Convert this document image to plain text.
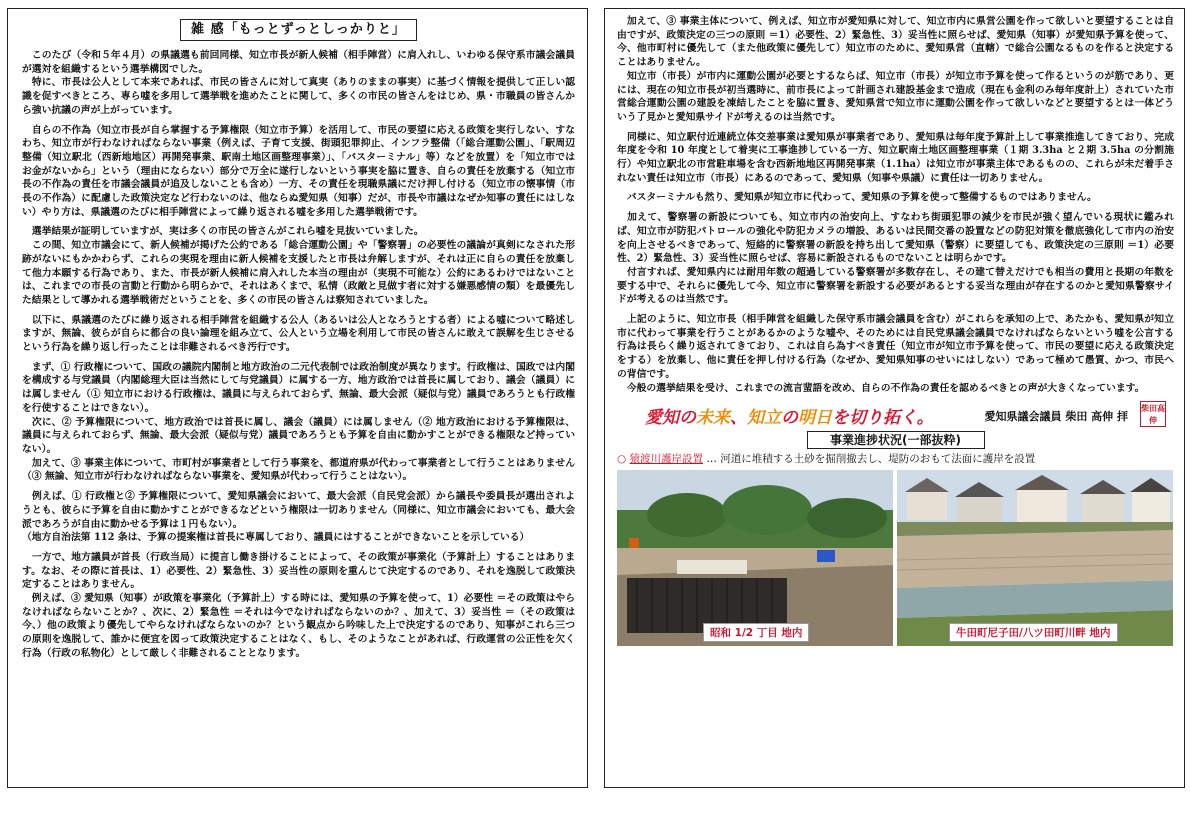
雑 感「もっとずっとしっかりと」

　このたび（令和５年４月）の県議選も前回同様、知立市長が新人候補（相手陣営）に肩入れし、いわゆる保守系市議会議員が選対を組織するという選挙構図でした。

　特に、市長は公人として本来であれば、市民の皆さんに対して真実（ありのままの事実）に基づく情報を提供して正しい認識を促すべきところ、専ら嘘を多用して選挙戦を進めたことに関して、多くの市民の皆さんをはじめ、県・市職員の皆さんから強い抗議の声が上がっています。

　自らの不作為（知立市長が自ら掌握する予算権限（知立市予算）を活用して、市民の要望に応える政策を実行しない、すなわち、知立市が行わなければならない事業（例えば、子育て支援、街頭犯罪抑止、インフラ整備（「総合運動公園」、「駅周辺整備（知立駅北（西新地地区）再開発事業、駅南土地区画整理事業）」、「バスターミナル」等）などを放置）を「知立市ではお金がないから」という（理由にならない）部分で万全に遂行しないという事実を脇に置き、自らの責任を放棄する（知立市長の不作為の責任を市議会議員が追及しないことも含め）一方、その責任を現職県議にだけ押し付ける（知立市の懐事情（市長の不作為）に配慮した政策決定など行わないのは、他ならぬ愛知県（知事）だが、市長や市議はなぜか知事の責任にはしない）やり方は、県議選のたびに相手陣営によって繰り返される嘘を多用した選挙戦術です。

　選挙結果が証明していますが、実は多くの市民の皆さんがこれら嘘を見抜いていました。

　この間、知立市議会にて、新人候補が掲げた公約である「総合運動公園」や「警察署」の必要性の議論が真剣になされた形跡がないにもかかわらず、これらの実現を理由に新人候補を支援したと市長は弁解しますが、それは正に自らの責任を放棄して他力本願する行為であり、また、市長が新人候補に肩入れした本当の理由が（実現不可能な）公約にあるわけではないことは、これまでの市長の言動と行動から明らかで、それはあくまで、私情（政敵と見做す者に対する嫌悪感情の類）を最優先した結果として導かれる選挙戦術だということを、多くの市民の皆さんは察知されていました。

　以下に、県議選のたびに繰り返される相手陣営を組織する公人（あるいは公人となろうとする者）による嘘について略述しますが、無論、彼らが自らに都合の良い論理を組み立て、公人という立場を利用して市民の皆さんに敢えて誤解を生じさせるという行為を繰り返し行ったことは非難されるべき汚行です。

　まず、① 行政権について、国政の議院内閣制と地方政治の二元代表制では政治制度が異なります。行政権は、国政では内閣を構成する与党議員（内閣総理大臣は当然にして与党議員）に属する一方、地方政治では首長に属しており、議会（議員）には属しません（① 知立市における行政権は、議員に与えられておらず、無論、最大会派（疑似与党）議員であろうとも行政権を行使することはできない）。

　次に、② 予算権限について、地方政治では首長に属し、議会（議員）には属しません（② 地方政治における予算権限は、議員に与えられておらず、無論、最大会派（疑似与党）議員であろうとも予算を自由に動かすことができる権限など持っていない）。

　加えて、③ 事業主体について、市町村が事業者として行う事業を、都道府県が代わって事業者として行うことはありません（③ 無論、知立市が行わなければならない事業を、愛知県が代わって行うことはない）。

　例えば、① 行政権と② 予算権限について、愛知県議会において、最大会派（自民党会派）から議長や委員長が選出されようとも、彼らに予算を自由に動かすことができるなどという権限は一切ありません（同様に、知立市議会においても、最大会派であろうが自由に動かせる予算は１円もない）。

（地方自治法第 112 条は、予算の提案権は首長に専属しており、議員にはすることができないことを示している）

　一方で、地方議員が首長（行政当局）に提言し働き掛けることによって、その政策が事業化（予算計上）することはあります。なお、その際に首長は、1）必要性、2）緊急性、3）妥当性の原則を重んじて決定するのであり、それを逸脱して政策決定することはありません。

　例えば、③ 愛知県（知事）が政策を事業化（予算計上）する時には、愛知県の予算を使って、1）必要性 ＝その政策はやらなければならないことか？、次に、2）緊急性 ＝それは今でなければならないのか？、加えて、3）妥当性 ＝（その政策は今、）他の政策より優先してやらなければならないのか？という観点から吟味した上で決定するのであり、知事がこれら三つの原則を逸脱して、誰かに便宜を図って政策決定することはなく、もし、そのようなことがあれば、行政運営の公正性を欠く行為（行政の私物化）として厳しく非難されることとなります。

　加えて、③ 事業主体について、例えば、知立市が愛知県に対して、知立市内に県営公園を作って欲しいと要望することは自由ですが、政策決定の三つの原則 ＝1）必要性、2）緊急性、3）妥当性に照らせば、愛知県（知事）が愛知県予算を使って、今、他市町村に優先して（また他政策に優先して）知立市のために、愛知県営（直轄）で総合公園なるものを作ると決定することはありません。

　知立市（市長）が市内に運動公園が必要とするならば、知立市（市長）が知立市予算を使って作るというのが筋であり、更には、現在の知立市長が初当選時に、前市長によって計画され建設基金まで造成（現在も金利のみ毎年度計上）されていた市営総合運動公園の建設を凍結したことを脇に置き、愛知県営で知立市に運動公園を作って欲しいなどと要望するとは一体どういう了見かと愛知県サイドが考えるのは当然です。

　同様に、知立駅付近連続立体交差事業は愛知県が事業者であり、愛知県は毎年度予算計上して事業推進してきており、完成年度を令和 10 年度として着実に工事進捗している一方、知立駅南土地区画整理事業（１期 3.3ha と２期 3.5ha の分割施行）や知立駅北の市営駐車場を含む西新地地区再開発事業（1.1ha）は知立市が事業主体であるものの、これらが未だ着手されない責任は知立市（市長）にあるのであって、愛知県（知事や県議）に責任は一切ありません。

　バスターミナルも然り、愛知県が知立市に代わって、愛知県の予算を使って整備するものではありません。

　加えて、警察署の新設についても、知立市内の治安向上、すなわち街頭犯罪の減少を市民が強く望んでいる現状に鑑みれば、知立市が防犯パトロールの強化や防犯カメラの増設、あるいは民間交番の設置などの防犯対策を徹底強化して市内の治安を向上させるべきであって、短絡的に警察署の新設を持ち出して愛知県（警察）に要望しても、政策決定の三原則 ＝1）必要性、2）緊急性、3）妥当性に照らせば、容易に新設されるものでないことは明らかです。

　付言すれば、愛知県内には耐用年数の超過している警察署が多数存在し、その建て替えだけでも相当の費用と長期の年数を要する中で、それらに優先して今、知立市に警察署を新設する必要があるとする妥当な理由が存在するのかと愛知県警察サイドが考えるのは当然です。

　上記のように、知立市長（相手陣営を組織した保守系市議会議員を含む）がこれらを承知の上で、あたかも、愛知県が知立市に代わって事業を行うことがあるかのような嘘や、そのためには自民党県議会議員でなければならないという嘘を公言する行為は長らく繰り返されてきており、これは自ら為すべき責任（知立市が知立市予算を使って、市民の要望に応える政策決定をする）を放棄し、他に責任を押し付ける行為（なぜか、愛知県知事のせいにはしない）であって極めて愚質、かつ、市民への背信です。

　今般の選挙結果を受け、これまでの流言蜚語を改め、自らの不作為の責任を認めるべきとの声が大きくなっています。

愛知の未来、知立の明日を切り拓く。	愛知県議会議員 柴田 高伸 拝
柴田高伸
事業進捗状況(一部抜粋)
○ 猿渡川護岸設置 … 河道に堆積する土砂を掘削撤去し、堤防のおもて法面に護岸を設置
昭和 1/2 丁目 地内	牛田町尼子田/八ツ田町川畔 地内
